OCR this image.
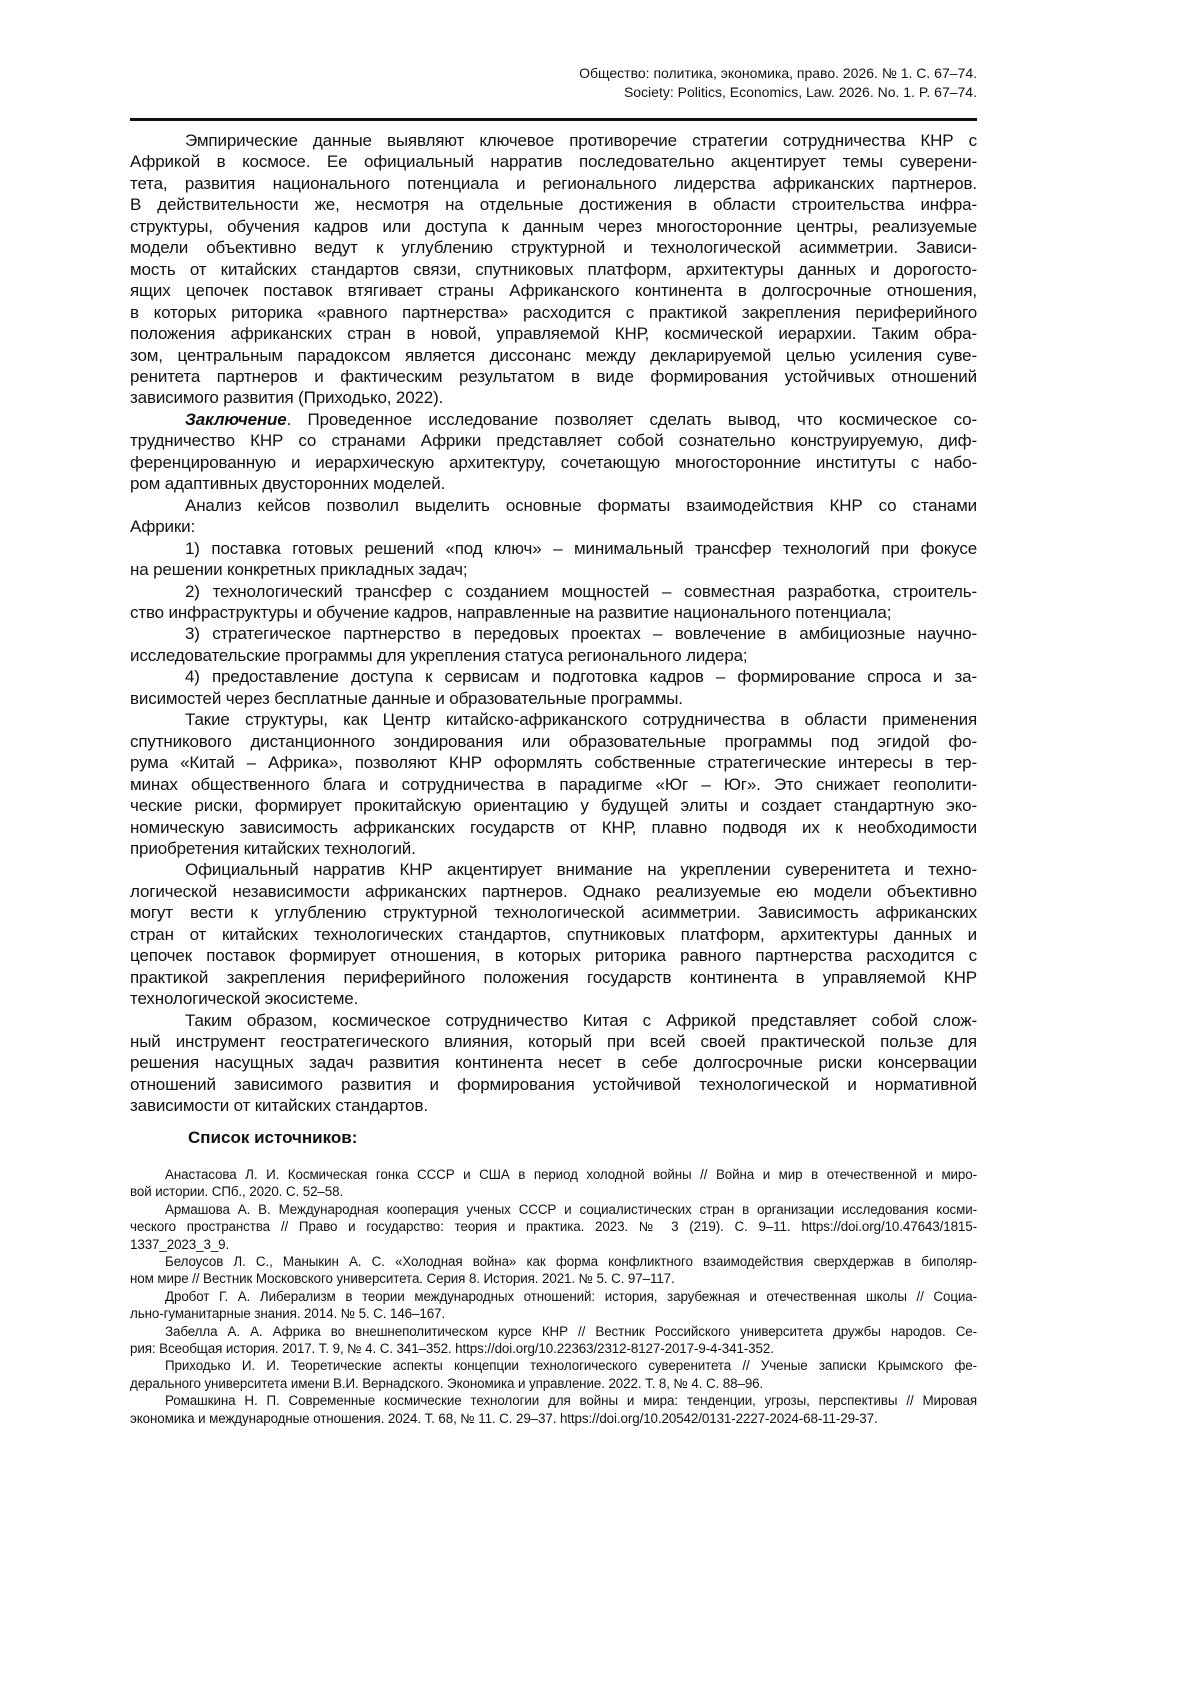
Общество: политика, экономика, право. 2026. № 1. С. 67–74.
Society: Politics, Economics, Law. 2026. No. 1. P. 67–74.
Эмпирические данные выявляют ключевое противоречие стратегии сотрудничества КНР с
Африкой в космосе. Ее официальный нарратив последовательно акцентирует темы суверени-
тета, развития национального потенциала и регионального лидерства африканских партнеров.
В действительности же, несмотря на отдельные достижения в области строительства инфра-
структуры, обучения кадров или доступа к данным через многосторонние центры, реализуемые
модели объективно ведут к углублению структурной и технологической асимметрии. Зависи-
мость от китайских стандартов связи, спутниковых платформ, архитектуры данных и дорогосто-
ящих цепочек поставок втягивает страны Африканского континента в долгосрочные отношения,
в которых риторика «равного партнерства» расходится с практикой закрепления периферийного
положения африканских стран в новой, управляемой КНР, космической иерархии. Таким обра-
зом, центральным парадоксом является диссонанс между декларируемой целью усиления суве-
ренитета партнеров и фактическим результатом в виде формирования устойчивых отношений
зависимого развития (Приходько, 2022).
Заключение. Проведенное исследование позволяет сделать вывод, что космическое со-
трудничество КНР со странами Африки представляет собой сознательно конструируемую, диф-
ференцированную и иерархическую архитектуру, сочетающую многосторонние институты с набо-
ром адаптивных двусторонних моделей.
Анализ кейсов позволил выделить основные форматы взаимодействия КНР со станами
Африки:
1) поставка готовых решений «под ключ» – минимальный трансфер технологий при фокусе
на решении конкретных прикладных задач;
2) технологический трансфер с созданием мощностей – совместная разработка, строитель-
ство инфраструктуры и обучение кадров, направленные на развитие национального потенциала;
3) стратегическое партнерство в передовых проектах – вовлечение в амбициозные научно-
исследовательские программы для укрепления статуса регионального лидера;
4) предоставление доступа к сервисам и подготовка кадров – формирование спроса и за-
висимостей через бесплатные данные и образовательные программы.
Такие структуры, как Центр китайско-африканского сотрудничества в области применения
спутникового дистанционного зондирования или образовательные программы под эгидой фо-
рума «Китай – Африка», позволяют КНР оформлять собственные стратегические интересы в тер-
минах общественного блага и сотрудничества в парадигме «Юг – Юг». Это снижает геополити-
ческие риски, формирует прокитайскую ориентацию у будущей элиты и создает стандартную эко-
номическую зависимость африканских государств от КНР, плавно подводя их к необходимости
приобретения китайских технологий.
Официальный нарратив КНР акцентирует внимание на укреплении суверенитета и техно-
логической независимости африканских партнеров. Однако реализуемые ею модели объективно
могут вести к углублению структурной технологической асимметрии. Зависимость африканских
стран от китайских технологических стандартов, спутниковых платформ, архитектуры данных и
цепочек поставок формирует отношения, в которых риторика равного партнерства расходится с
практикой закрепления периферийного положения государств континента в управляемой КНР
технологической экосистеме.
Таким образом, космическое сотрудничество Китая с Африкой представляет собой слож-
ный инструмент геостратегического влияния, который при всей своей практической пользе для
решения насущных задач развития континента несет в себе долгосрочные риски консервации
отношений зависимого развития и формирования устойчивой технологической и нормативной
зависимости от китайских стандартов.
Список источников:
Анастасова Л. И. Космическая гонка СССР и США в период холодной войны // Война и мир в отечественной и миро-
вой истории. СПб., 2020. С. 52–58.
Армашова А. В. Международная кооперация ученых СССР и социалистических стран в организации исследования косми-
ческого пространства // Право и государство: теория и практика. 2023. № 3 (219). С. 9–11. https://doi.org/10.47643/1815-
1337_2023_3_9.
Белоусов Л. С., Маныкин А. С. «Холодная война» как форма конфликтного взаимодействия сверхдержав в биполяр-
ном мире // Вестник Московского университета. Серия 8. История. 2021. № 5. С. 97–117.
Дробот Г. А. Либерализм в теории международных отношений: история, зарубежная и отечественная школы // Социа-
льно-гуманитарные знания. 2014. № 5. С. 146–167.
Забелла А. А. Африка во внешнеполитическом курсе КНР // Вестник Российского университета дружбы народов. Се-
рия: Всеобщая история. 2017. Т. 9, № 4. С. 341–352. https://doi.org/10.22363/2312-8127-2017-9-4-341-352.
Приходько И. И. Теоретические аспекты концепции технологического суверенитета // Ученые записки Крымского фе-
дерального университета имени В.И. Вернадского. Экономика и управление. 2022. Т. 8, № 4. С. 88–96.
Ромашкина Н. П. Современные космические технологии для войны и мира: тенденции, угрозы, перспективы // Мировая
экономика и международные отношения. 2024. Т. 68, № 11. С. 29–37. https://doi.org/10.20542/0131-2227-2024-68-11-29-37.
